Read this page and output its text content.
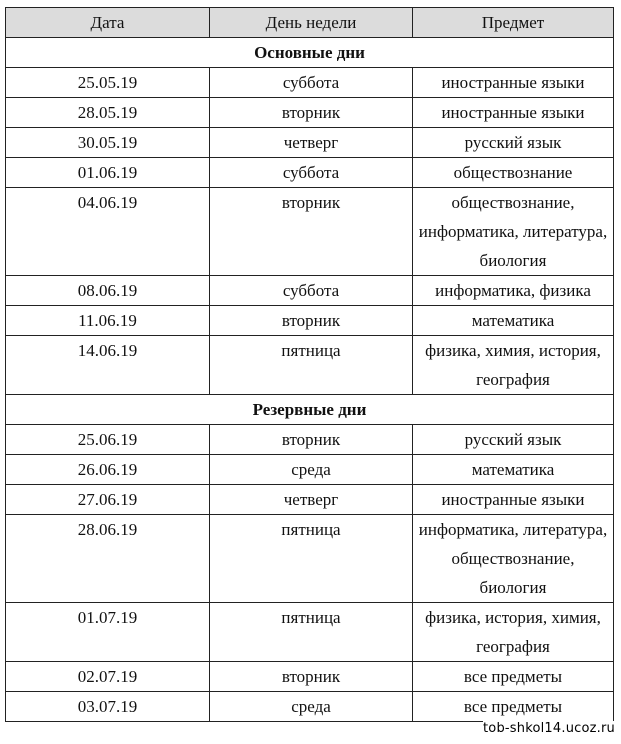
Дата	День недели	Предмет
Основные дни		
25.05.19	суббота	иностранные языки
28.05.19	вторник	иностранные языки
30.05.19	четверг	русский язык
01.06.19	суббота	обществознание
04.06.19	вторник	обществознание, информатика, литература, биология
08.06.19	суббота	информатика, физика
11.06.19	вторник	математика
14.06.19	пятница	физика, химия, история, география
Резервные дни		
25.06.19	вторник	русский язык
26.06.19	среда	математика
27.06.19	четверг	иностранные языки
28.06.19	пятница	информатика, литература, обществознание, биология
01.07.19	пятница	физика, история, химия, география
02.07.19	вторник	все предметы
03.07.19	среда	все предметы
tob-shkol14.ucoz.ru
